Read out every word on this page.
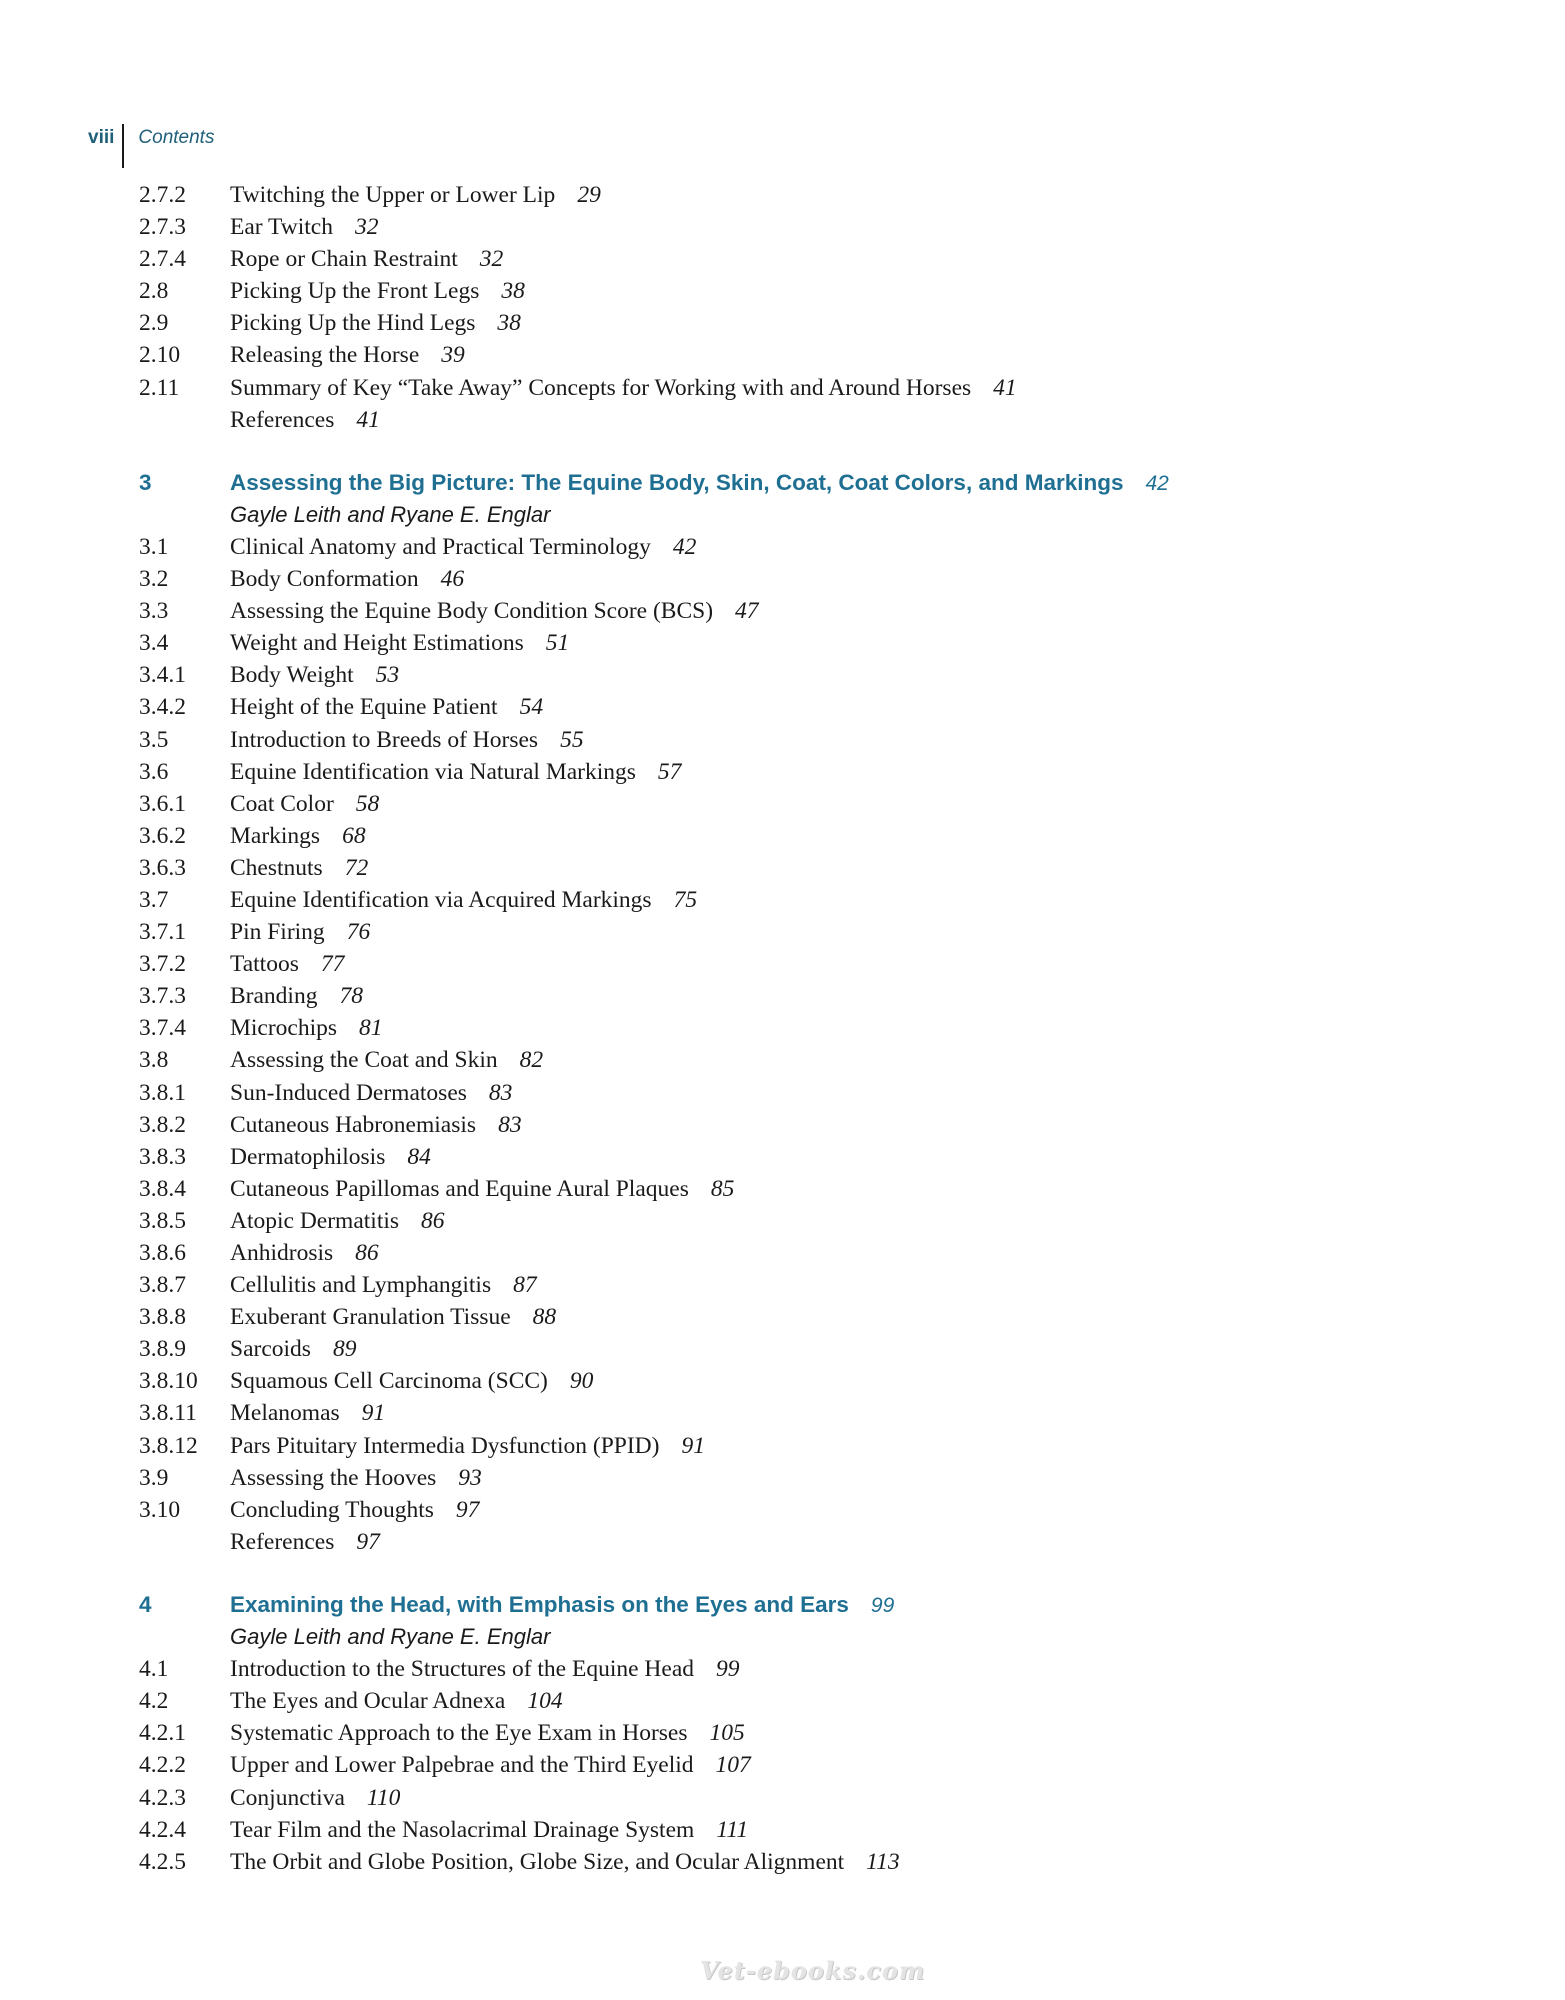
viii	Contents
2.7.2 Twitching the Upper or Lower Lip 29
2.7.3 Ear Twitch 32
2.7.4 Rope or Chain Restraint 32
2.8	Picking Up the Front Legs 38
2.9	Picking Up the Hind Legs 38
2.10 Releasing the Horse 39
2.11 Summary of Key “Take Away” Concepts for Working with and Around Horses 41
References 41
3	Assessing the Big Picture: The Equine Body, Skin, Coat, Coat Colors, and Markings 42
Gayle Leith and Ryane E. Englar
3.1	Clinical Anatomy and Practical Terminology 42
3.2	Body Conformation 46
3.3	Assessing the Equine Body Condition Score (BCS) 47
3.4	Weight and Height Estimations 51
3.4.1 Body Weight 53
3.4.2 Height of the Equine Patient 54
3.5	Introduction to Breeds of Horses 55
3.6	Equine Identification via Natural Markings 57
3.6.1 Coat Color 58
3.6.2 Markings 68
3.6.3 Chestnuts 72
3.7	Equine Identification via Acquired Markings 75
3.7.1 Pin Firing 76
3.7.2 Tattoos 77
3.7.3 Branding 78
3.7.4 Microchips 81
3.8	Assessing the Coat and Skin 82
3.8.1 Sun-Induced Dermatoses 83
3.8.2 Cutaneous Habronemiasis 83
3.8.3 Dermatophilosis 84
3.8.4 Cutaneous Papillomas and Equine Aural Plaques 85
3.8.5 Atopic Dermatitis 86
3.8.6 Anhidrosis 86
3.8.7 Cellulitis and Lymphangitis 87
3.8.8 Exuberant Granulation Tissue 88
3.8.9 Sarcoids 89
3.8.10 Squamous Cell Carcinoma (SCC) 90
3.8.11 Melanomas 91
3.8.12 Pars Pituitary Intermedia Dysfunction (PPID) 91
3.9	Assessing the Hooves 93
3.10 Concluding Thoughts 97
References 97
4	Examining the Head, with Emphasis on the Eyes and Ears 99
Gayle Leith and Ryane E. Englar
4.1	Introduction to the Structures of the Equine Head 99
4.2	The Eyes and Ocular Adnexa 104
4.2.1 Systematic Approach to the Eye Exam in Horses 105
4.2.2 Upper and Lower Palpebrae and the Third Eyelid 107
4.2.3 Conjunctiva 110
4.2.4 Tear Film and the Nasolacrimal Drainage System 111
4.2.5 The Orbit and Globe Position, Globe Size, and Ocular Alignment 113
Vet-ebooks.com
